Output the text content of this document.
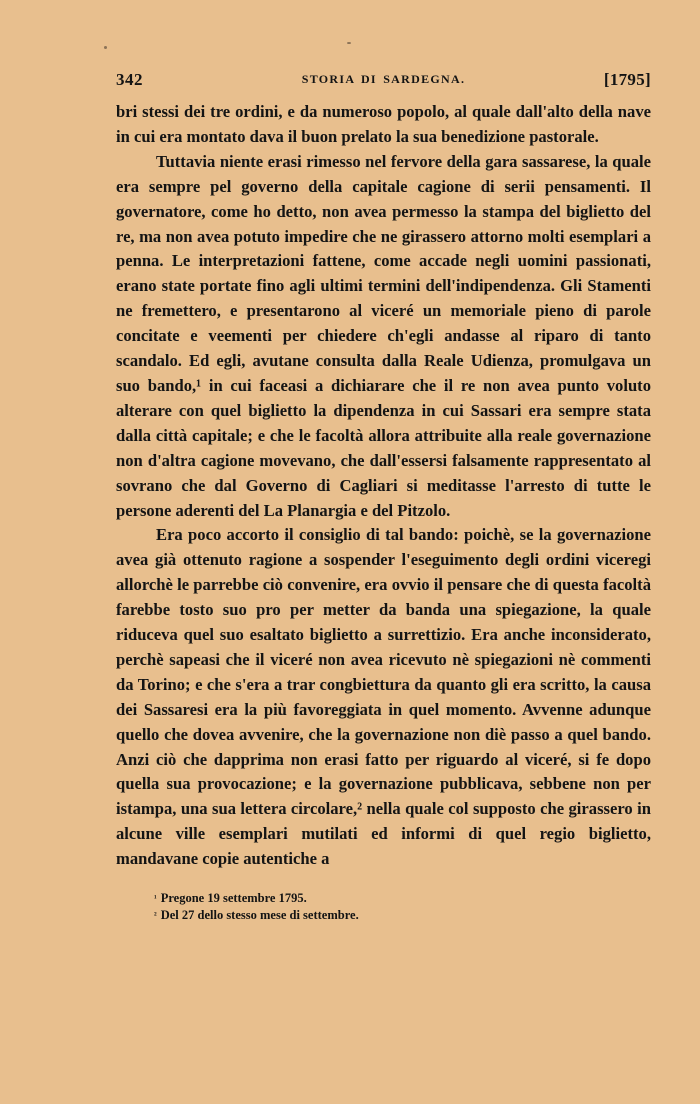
342	STORIA DI SARDEGNA.	[1795]

bri stessi dei tre ordini, e da numeroso popolo, al quale dall'alto della nave in cui era montato dava il buon prelato la sua benedizione pastorale.

Tuttavia niente erasi rimesso nel fervore della gara sassarese, la quale era sempre pel governo della capitale cagione di serii pensamenti. Il governatore, come ho detto, non avea permesso la stampa del biglietto del re, ma non avea potuto impedire che ne girassero attorno molti esemplari a penna. Le interpretazioni fattene, come accade negli uomini passionati, erano state portate fino agli ultimi termini dell'indipendenza. Gli Stamenti ne fremettero, e presentarono al viceré un memoriale pieno di parole concitate e veementi per chiedere ch'egli andasse al riparo di tanto scandalo. Ed egli, avutane consulta dalla Reale Udienza, promulgava un suo bando,¹ in cui faceasi a dichiarare che il re non avea punto voluto alterare con quel biglietto la dipendenza in cui Sassari era sempre stata dalla città capitale; e che le facoltà allora attribuite alla reale governazione non d'altra cagione movevano, che dall'essersi falsamente rappresentato al sovrano che dal Governo di Cagliari si meditasse l'arresto di tutte le persone aderenti del La Planargia e del Pitzolo.

Era poco accorto il consiglio di tal bando: poichè, se la governazione avea già ottenuto ragione a sospender l'eseguimento degli ordini viceregi allorchè le parrebbe ciò convenire, era ovvio il pensare che di questa facoltà farebbe tosto suo pro per metter da banda una spiegazione, la quale riduceva quel suo esaltato biglietto a surrettizio. Era anche inconsiderato, perchè sapeasi che il viceré non avea ricevuto nè spiegazioni nè commenti da Torino; e che s'era a trar congbiettura da quanto gli era scritto, la causa dei Sassaresi era la più favoreggiata in quel momento. Avvenne adunque quello che dovea avvenire, che la governazione non diè passo a quel bando. Anzi ciò che dapprima non erasi fatto per riguardo al viceré, si fe dopo quella sua provocazione; e la governazione pubblicava, sebbene non per istampa, una sua lettera circolare,² nella quale col supposto che girassero in alcune ville esemplari mutilati ed informi di quel regio biglietto, mandavane copie autentiche a

$^{^1}$ Pregone 19 settembre 1795.

$^{^2}$ Del 27 dello stesso mese di settembre.
